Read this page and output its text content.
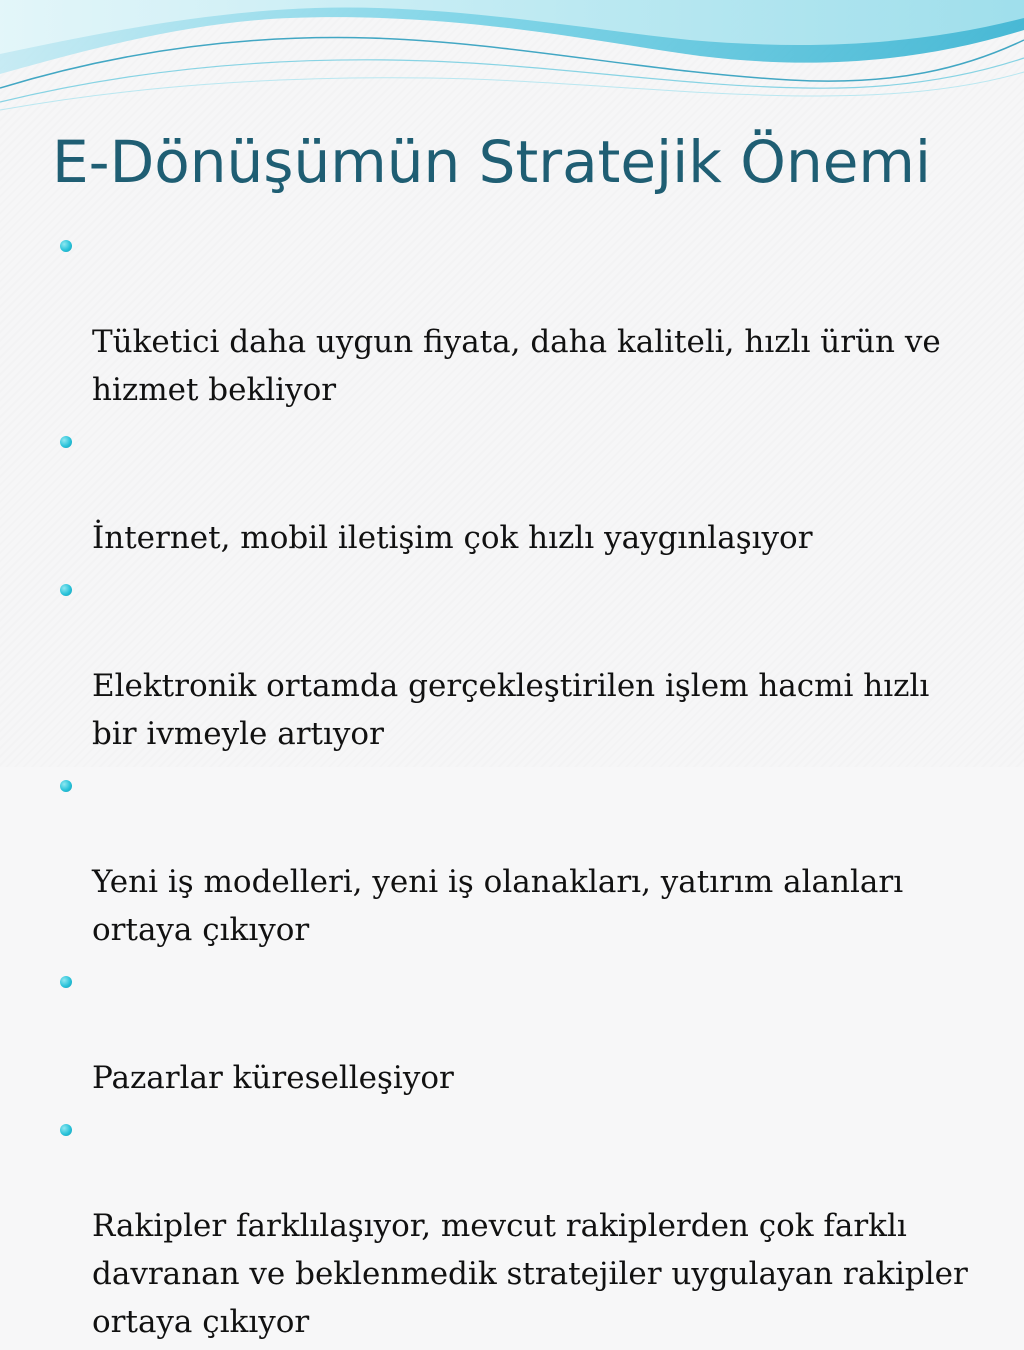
E-Dönüşümün Stratejik Önemi

Tüketici daha uygun fiyata, daha kaliteli, hızlı ürün ve
hizmet bekliyor

İnternet, mobil iletişim çok hızlı yaygınlaşıyor

Elektronik ortamda gerçekleştirilen işlem hacmi hızlı
bir ivmeyle artıyor

Yeni iş modelleri, yeni iş olanakları, yatırım alanları
ortaya çıkıyor

Pazarlar küreselleşiyor

Rakipler farklılaşıyor, mevcut rakiplerden çok farklı
davranan ve beklenmedik stratejiler uygulayan rakipler
ortaya çıkıyor
